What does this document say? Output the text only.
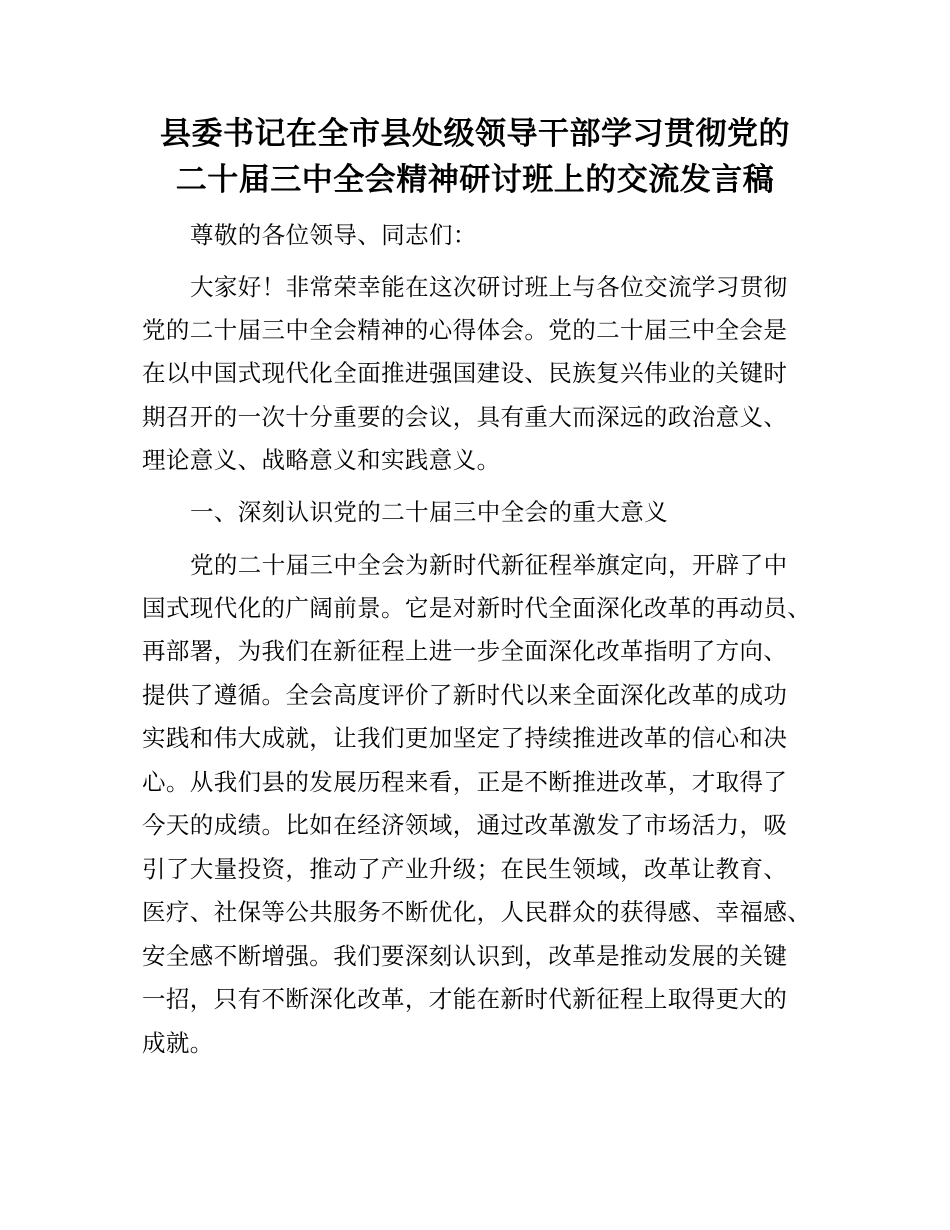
县委书记在全市县处级领导干部学习贯彻党的
二十届三中全会精神研讨班上的交流发言稿
尊敬的各位领导、同志们：
大家好！非常荣幸能在这次研讨班上与各位交流学习贯彻
党的二十届三中全会精神的心得体会。党的二十届三中全会是
在以中国式现代化全面推进强国建设、民族复兴伟业的关键时
期召开的一次十分重要的会议，具有重大而深远的政治意义、
理论意义、战略意义和实践意义。
一、深刻认识党的二十届三中全会的重大意义
党的二十届三中全会为新时代新征程举旗定向，开辟了中
国式现代化的广阔前景。它是对新时代全面深化改革的再动员、
再部署，为我们在新征程上进一步全面深化改革指明了方向、
提供了遵循。全会高度评价了新时代以来全面深化改革的成功
实践和伟大成就，让我们更加坚定了持续推进改革的信心和决
心。从我们县的发展历程来看，正是不断推进改革，才取得了
今天的成绩。比如在经济领域，通过改革激发了市场活力，吸
引了大量投资，推动了产业升级；在民生领域，改革让教育、
医疗、社保等公共服务不断优化，人民群众的获得感、幸福感、
安全感不断增强。我们要深刻认识到，改革是推动发展的关键
一招，只有不断深化改革，才能在新时代新征程上取得更大的
成就。
